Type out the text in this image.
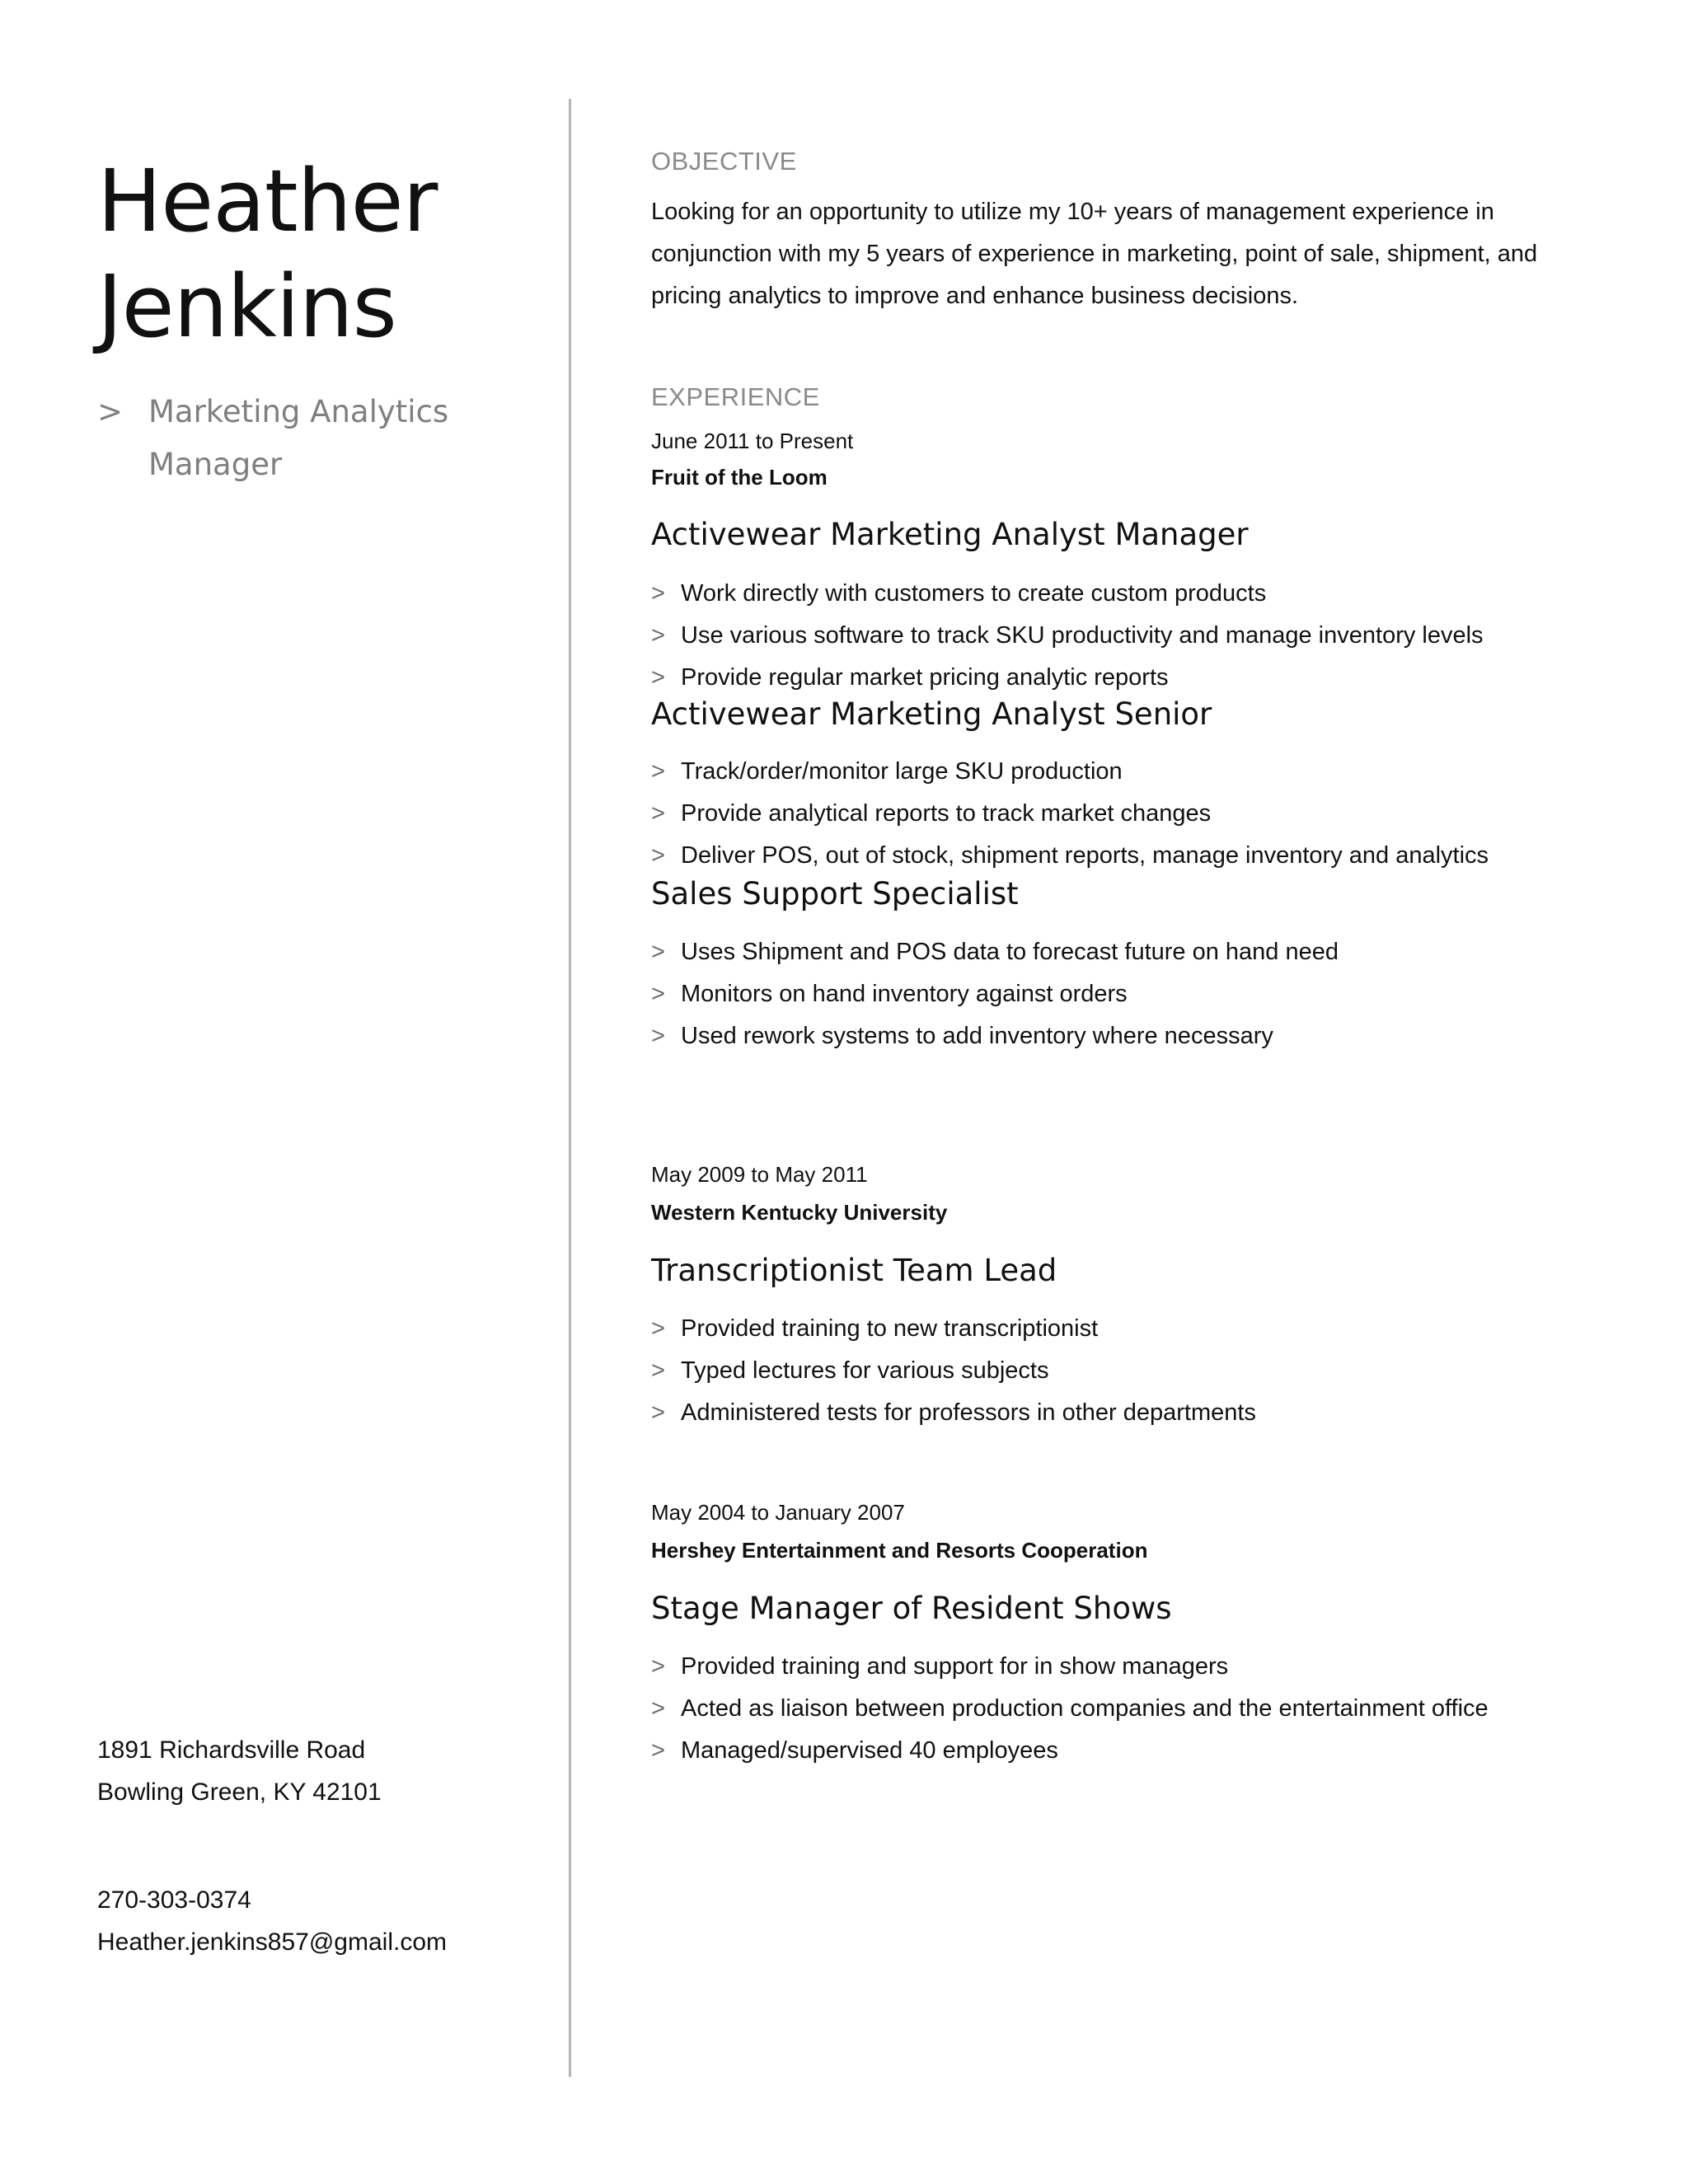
Heather
Jenkins
> Marketing Analytics Manager
1891 Richardsville Road
Bowling Green, KY 42101
270-303-0374
Heather.jenkins857@gmail.com
OBJECTIVE
Looking for an opportunity to utilize my 10+ years of management experience in conjunction with my 5 years of experience in marketing, point of sale, shipment, and pricing analytics to improve and enhance business decisions.
EXPERIENCE
June 2011 to Present
Fruit of the Loom
Activewear Marketing Analyst Manager
> Work directly with customers to create custom products
> Use various software to track SKU productivity and manage inventory levels
> Provide regular market pricing analytic reports
Activewear Marketing Analyst Senior
> Track/order/monitor large SKU production
> Provide analytical reports to track market changes
> Deliver POS, out of stock, shipment reports, manage inventory and analytics
Sales Support Specialist
> Uses Shipment and POS data to forecast future on hand need
> Monitors on hand inventory against orders
> Used rework systems to add inventory where necessary
May 2009 to May 2011
Western Kentucky University
Transcriptionist Team Lead
> Provided training to new transcriptionist
> Typed lectures for various subjects
> Administered tests for professors in other departments
May 2004 to January 2007
Hershey Entertainment and Resorts Cooperation
Stage Manager of Resident Shows
> Provided training and support for in show managers
> Acted as liaison between production companies and the entertainment office
> Managed/supervised 40 employees
